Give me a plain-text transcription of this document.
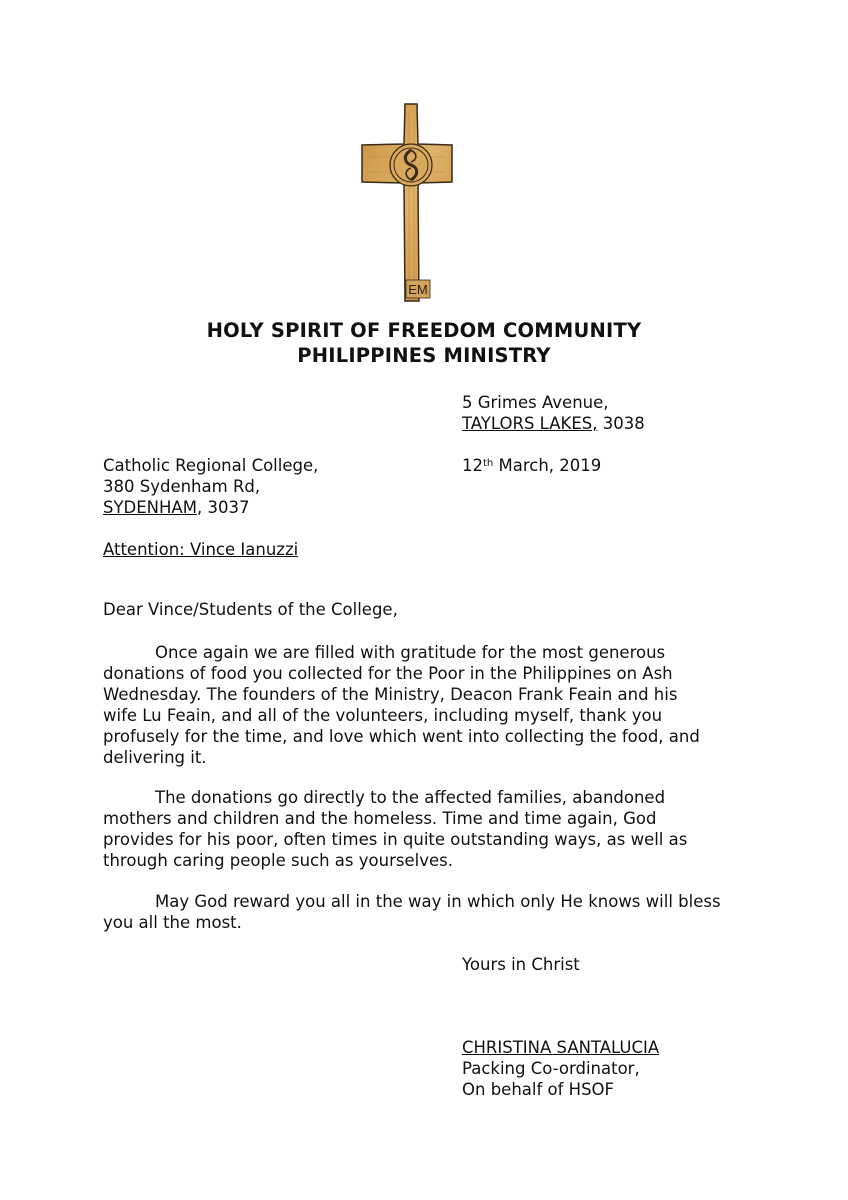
EM
HOLY SPIRIT OF FREEDOM COMMUNITY
PHILIPPINES MINISTRY
5 Grimes Avenue,
TAYLORS LAKES, 3038
Catholic Regional College,
380 Sydenham Rd,
SYDENHAM, 3037
12th March, 2019
Attention: Vince Ianuzzi
Dear Vince/Students of the College,
Once again we are filled with gratitude for the most generous
donations of food you collected for the Poor in the Philippines on Ash
Wednesday. The founders of the Ministry, Deacon Frank Feain and his
wife Lu Feain, and all of the volunteers, including myself, thank you
profusely for the time, and love which went into collecting the food, and
delivering it.
The donations go directly to the affected families, abandoned
mothers and children and the homeless. Time and time again, God
provides for his poor, often times in quite outstanding ways, as well as
through caring people such as yourselves.
May God reward you all in the way in which only He knows will bless
you all the most.
Yours in Christ
CHRISTINA SANTALUCIA
Packing Co-ordinator,
On behalf of HSOF
